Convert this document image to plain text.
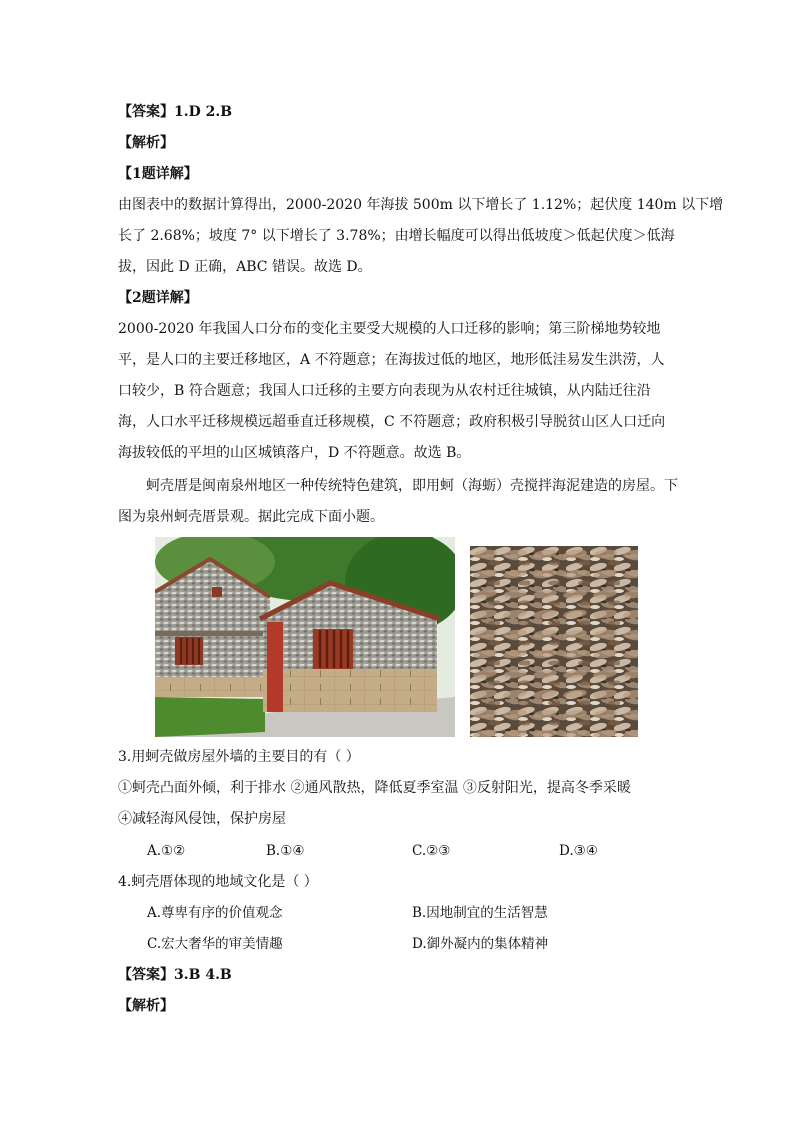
【答案】1.D 2.B
【解析】
【1题详解】
由图表中的数据计算得出，2000-2020 年海拔 500m 以下增长了 1.12%；起伏度 140m 以下增
长了 2.68%；坡度 7° 以下增长了 3.78%；由增长幅度可以得出低坡度＞低起伏度＞低海
拔，因此 D 正确，ABC 错误。故选 D。
【2题详解】
2000-2020 年我国人口分布的变化主要受大规模的人口迁移的影响；第三阶梯地势较地
平，是人口的主要迁移地区，A 不符题意；在海拔过低的地区，地形低洼易发生洪涝，人
口较少，B 符合题意；我国人口迁移的主要方向表现为从农村迁往城镇，从内陆迁往沿
海，人口水平迁移规模远超垂直迁移规模，C 不符题意；政府积极引导脱贫山区人口迁向
海拔较低的平坦的山区城镇落户，D 不符题意。故选 B。
蚵壳厝是闽南泉州地区一种传统特色建筑，即用蚵（海蛎）壳搅拌海泥建造的房屋。下
图为泉州蚵壳厝景观。据此完成下面小题。
3.用蚵壳做房屋外墙的主要目的有（ ）
①蚵壳凸面外倾，利于排水 ②通风散热，降低夏季室温 ③反射阳光，提高冬季采暖
④减轻海风侵蚀，保护房屋
A.①②	B.①④	C.②③	D.③④
4.蚵壳厝体现的地域文化是（ ）
A.尊卑有序的价值观念	B.因地制宜的生活智慧
C.宏大奢华的审美情趣	D.御外凝内的集体精神
【答案】3.B 4.B
【解析】
